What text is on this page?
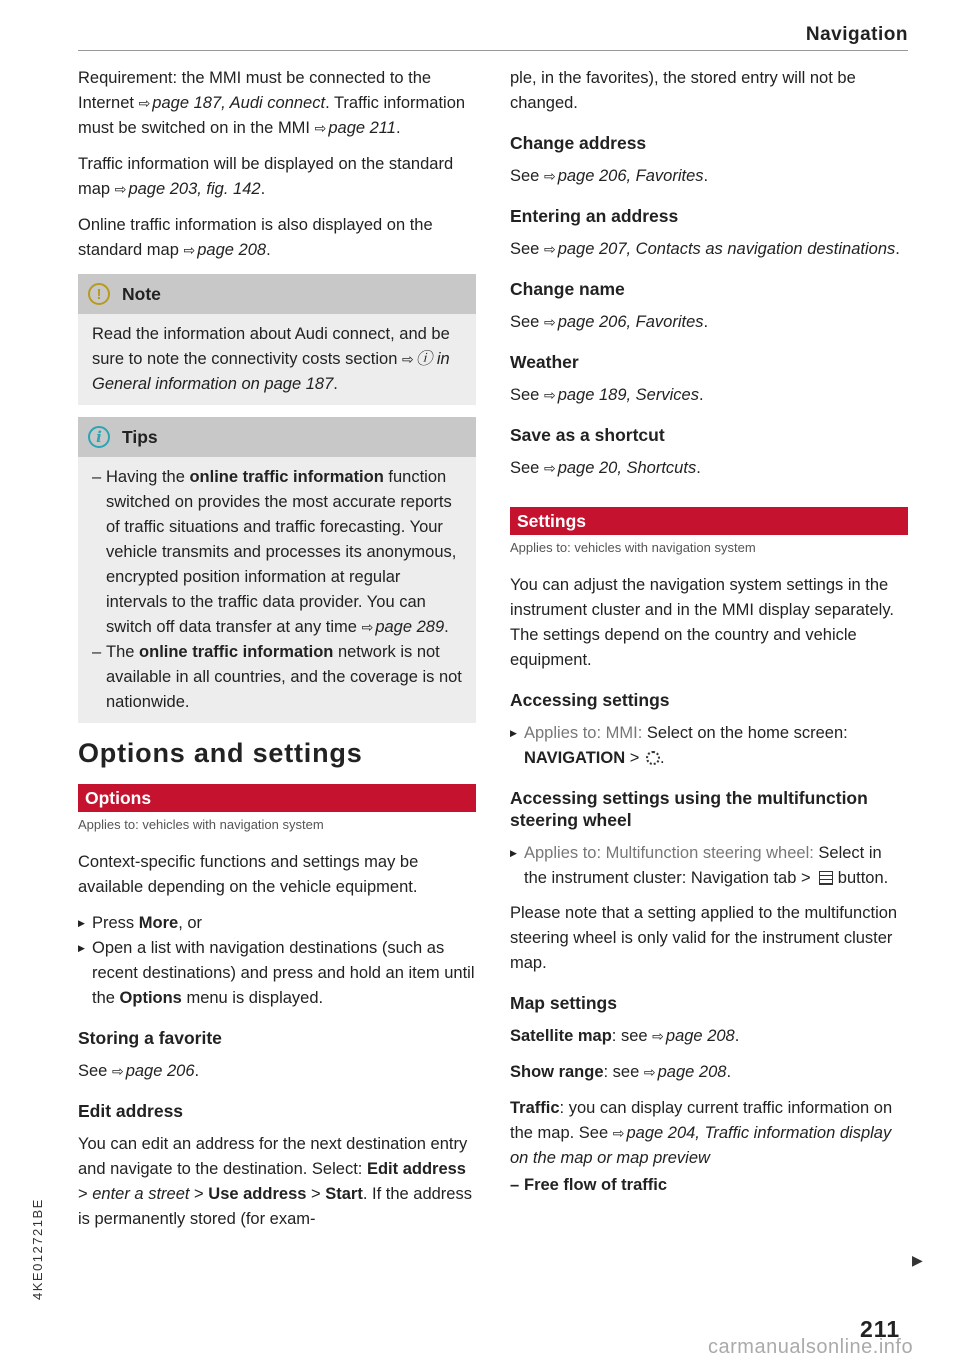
Navigation

Requirement: the MMI must be connected to the Internet ⇨ page 187, Audi connect. Traffic information must be switched on in the MMI ⇨ page 211.

Traffic information will be displayed on the standard map ⇨ page 203, fig. 142.

Online traffic information is also displayed on the standard map ⇨ page 208.

!	Note
Read the information about Audi connect, and be sure to note the connectivity costs section ⇨ ⓘ in General information on page 187.
i	Tips
– Having the online traffic information function switched on provides the most accurate reports of traffic situations and traffic forecasting. Your vehicle transmits and processes its anonymous, encrypted position information at regular intervals to the traffic data provider. You can switch off data transfer at any time ⇨ page 289.
– The online traffic information network is not available in all countries, and the coverage is not nationwide.
Options and settings
Options
Applies to: vehicles with navigation system

Context-specific functions and settings may be available depending on the vehicle equipment.

▶ Press More, or
▶ Open a list with navigation destinations (such as recent destinations) and press and hold an item until the Options menu is displayed.
Storing a favorite

See ⇨ page 206.

Edit address

You can edit an address for the next destination entry and navigate to the destination. Select: Edit address > enter a street > Use address > Start. If the address is permanently stored (for exam-

ple, in the favorites), the stored entry will not be changed.

Change address

See ⇨ page 206, Favorites.

Entering an address

See ⇨ page 207, Contacts as navigation destinations.

Change name

See ⇨ page 206, Favorites.

Weather

See ⇨ page 189, Services.

Save as a shortcut

See ⇨ page 20, Shortcuts.

Settings
Applies to: vehicles with navigation system

You can adjust the navigation system settings in the instrument cluster and in the MMI display separately. The settings depend on the country and vehicle equipment.

Accessing settings
▶ Applies to: MMI: Select on the home screen:
NAVIGATION > .
Accessing settings using the multifunction steering wheel
▶ Applies to: Multifunction steering wheel: Select in the instrument cluster: Navigation tab >  button.

Please note that a setting applied to the multifunction steering wheel is only valid for the instrument cluster map.

Map settings

Satellite map: see ⇨ page 208.

Show range: see ⇨ page 208.

Traffic: you can display current traffic information on the map. See ⇨ page 204, Traffic information display on the map or map preview

– Free flow of traffic
▶
4KE012721BE
211
carmanualsonline.info
